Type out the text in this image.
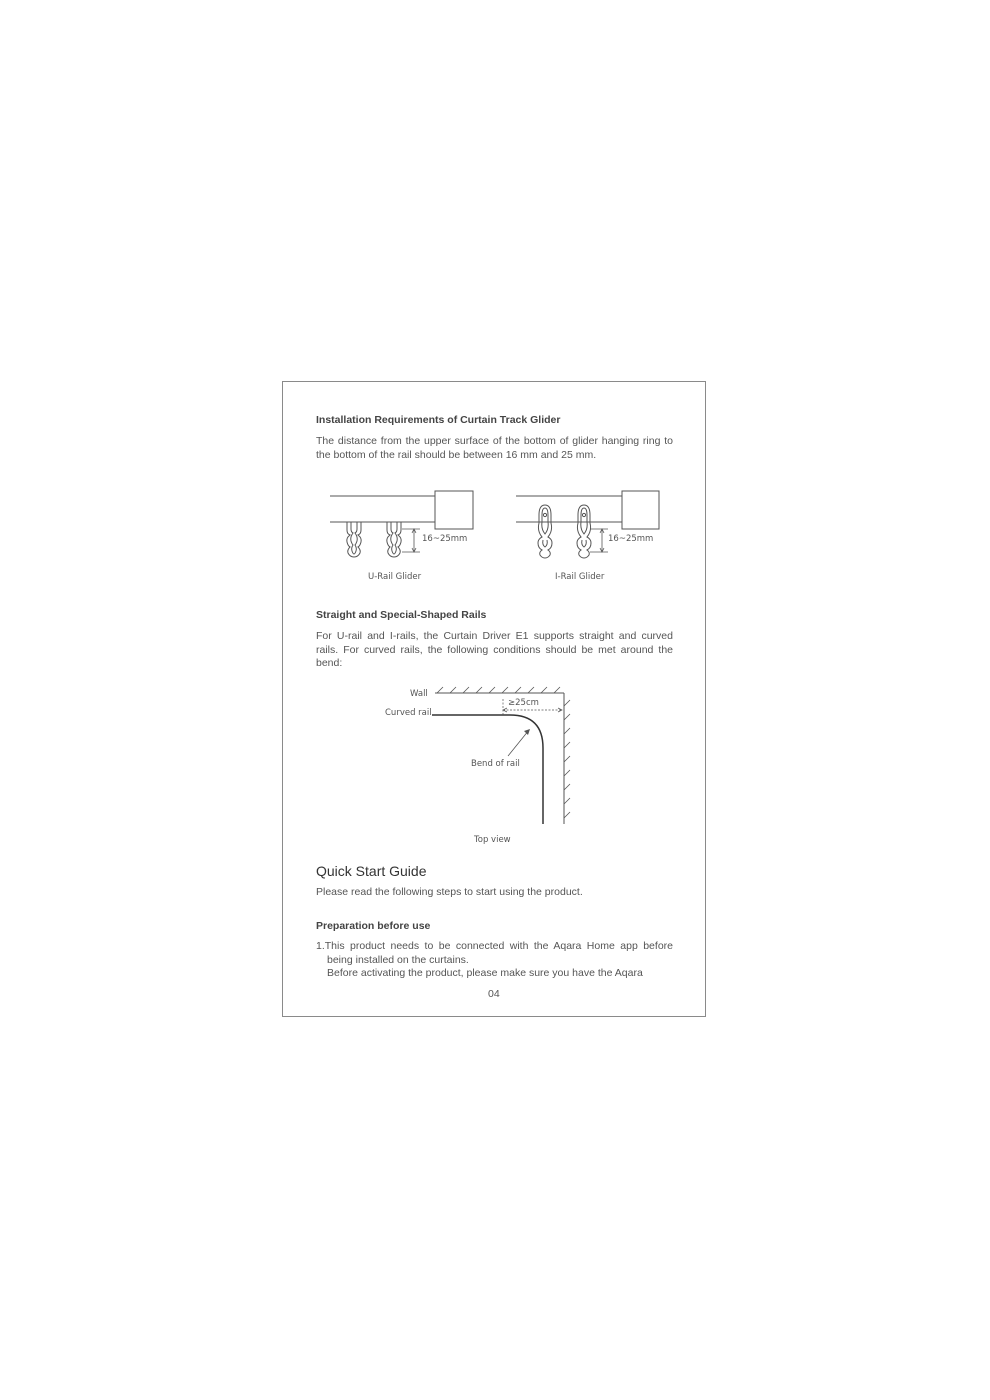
Installation Requirements of Curtain Track Glider
The distance from the upper surface of the bottom of glider hanging ring to the bottom of the rail should be between 16 mm and 25 mm.
16~25mm
U-Rail Glider
16~25mm
I-Rail Glider
Straight and Special-Shaped Rails
For U-rail and I-rails, the Curtain Driver E1 supports straight and curved rails. For curved rails, the following conditions should be met around the bend:
Wall
Curved rail
≥25cm
Bend of rail
Top view
Quick Start Guide
Please read the following steps to start using the product.
Preparation before use
1.This product needs to be connected with the Aqara Home app before
being installed on the curtains.
Before activating the product, please make sure you have the Aqara
04
